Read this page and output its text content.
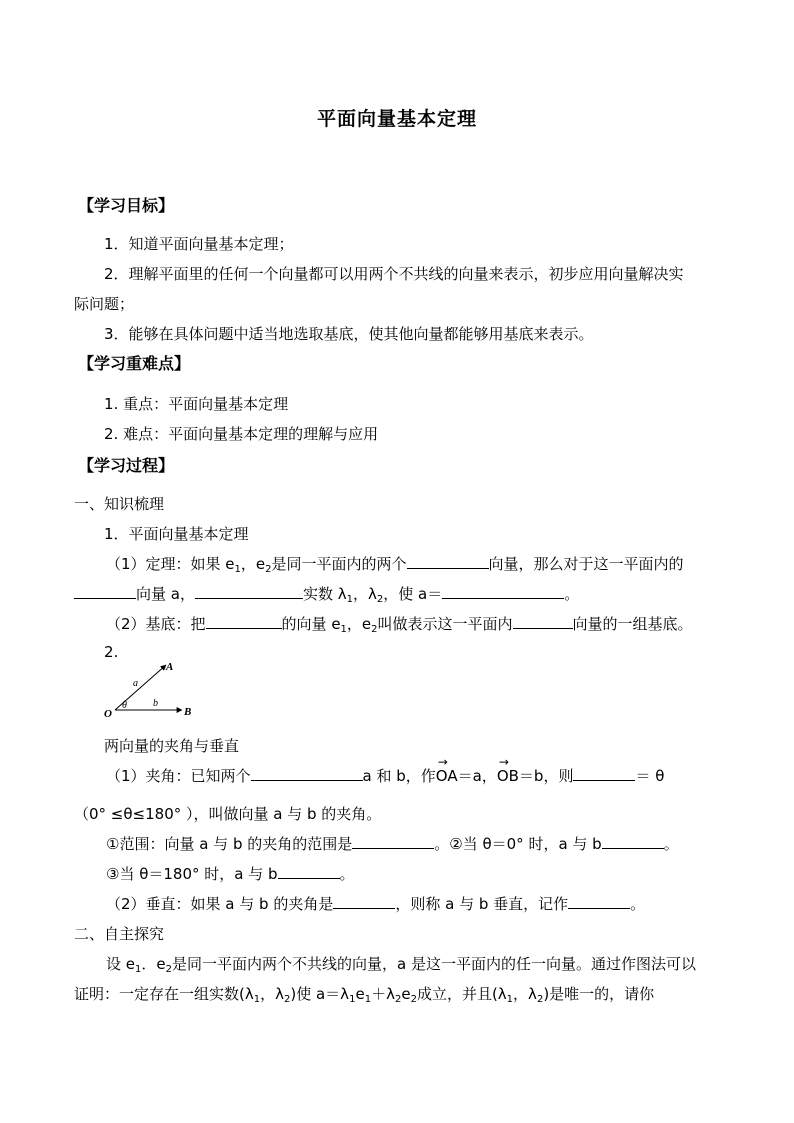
平面向量基本定理
【学习目标】
1．知道平面向量基本定理；
2．理解平面里的任何一个向量都可以用两个不共线的向量来表示，初步应用向量解决实
际问题；
3．能够在具体问题中适当地选取基底，使其他向量都能够用基底来表示。
【学习重难点】
1. 重点：平面向量基本定理
2. 难点：平面向量基本定理的理解与应用
【学习过程】
一、知识梳理
1．平面向量基本定理
（1）定理：如果 $e_1$，$e_2$是同一平面内的两个	向量，那么对于这一平面内的
向量 a，	实数 $\lambda_1$，$\lambda_2$，使 a＝	。
（2）基底：把	的向量 $e_1$，$e_2$叫做表示这一平面内	向量的一组基底。
2.
A
O	B
a
b
θ
两向量的夹角与垂直
（1）夹角：已知两个	a 和 b，作→ OA＝a，→ OB＝b，则	＝ θ
（0° ≤θ≤180° ），叫做向量 a 与 b 的夹角。
①范围：向量 a 与 b 的夹角的范围是	。②当 θ＝0° 时，a 与 b	。
③当 θ＝180° 时，a 与 b	。
（2）垂直：如果 a 与 b 的夹角是	，则称 a 与 b 垂直，记作	。
二、自主探究
设 $e_1$．$e_2$是同一平面内两个不共线的向量，a 是这一平面内的任一向量。通过作图法可以
证明：一定存在一组实数($\lambda_1$，$\lambda_2$)使 $a=\lambda_1e_1+\lambda_2e_2$成立，并且($\lambda_1$，$\lambda_2$)是唯一的，请你
